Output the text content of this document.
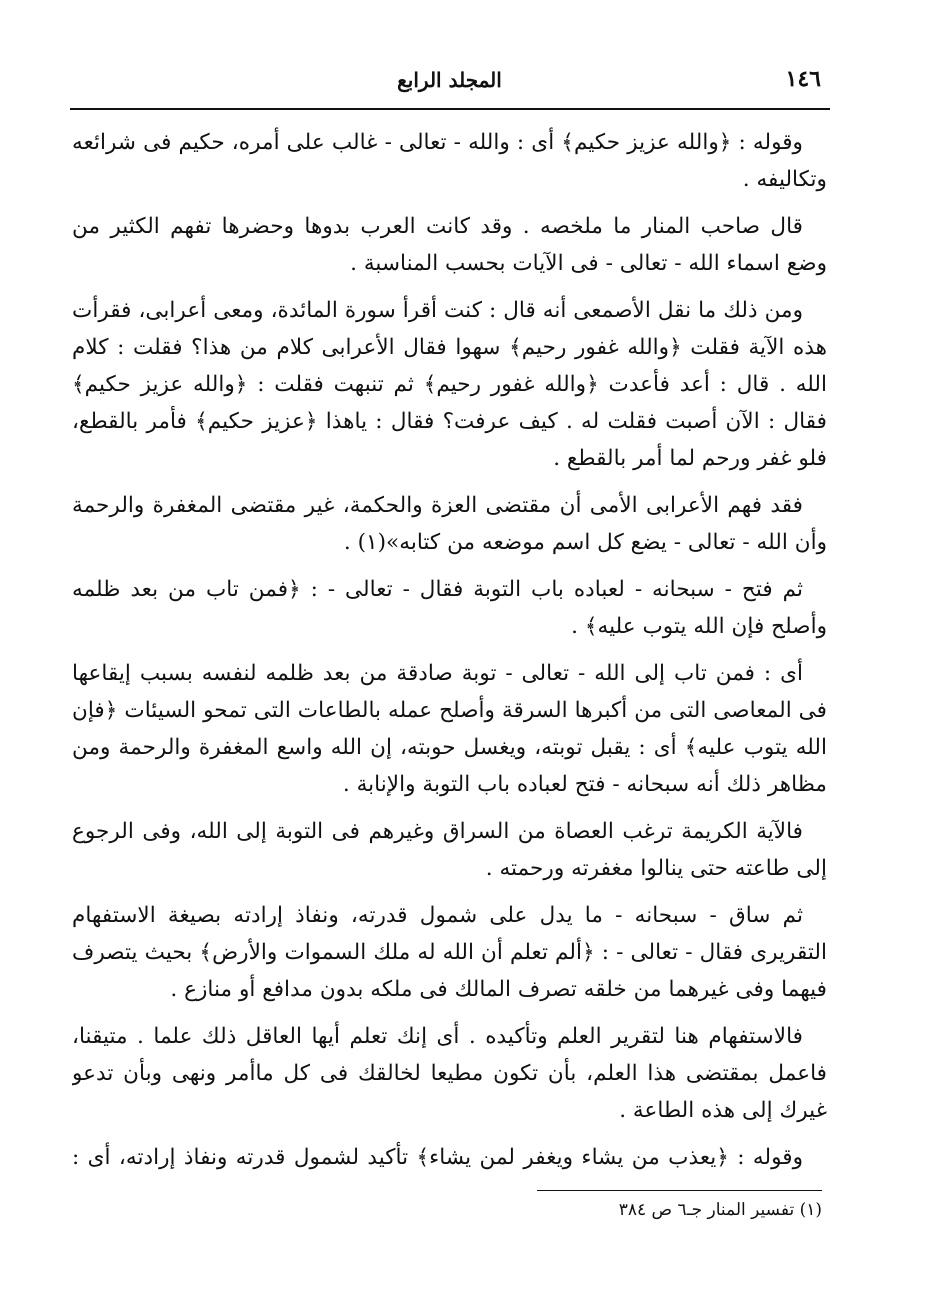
١٤٦
المجلد الرابع

وقوله : ﴿والله عزيز حكيم﴾ أى : والله - تعالى - غالب على أمره، حكيم فى شرائعه وتكاليفه .

قال صاحب المنار ما ملخصه . وقد كانت العرب بدوها وحضرها تفهم الكثير من وضع اسماء الله - تعالى - فى الآيات بحسب المناسبة .

ومن ذلك ما نقل الأصمعى أنه قال : كنت أقرأ سورة المائدة، ومعى أعرابى، فقرأت هذه الآية فقلت ﴿والله غفور رحيم﴾ سهوا فقال الأعرابى كلام من هذا؟ فقلت : كلام الله . قال : أعد فأعدت ﴿والله غفور رحيم﴾ ثم تنبهت فقلت : ﴿والله عزيز حكيم﴾ فقال : الآن أصبت فقلت له . كيف عرفت؟ فقال : ياهذا ﴿عزيز حكيم﴾ فأمر بالقطع، فلو غفر ورحم لما أمر بالقطع .

فقد فهم الأعرابى الأمى أن مقتضى العزة والحكمة، غير مقتضى المغفرة والرحمة وأن الله - تعالى - يضع كل اسم موضعه من كتابه»(١) .

ثم فتح - سبحانه - لعباده باب التوبة فقال - تعالى - : ﴿فمن تاب من بعد ظلمه وأصلح فإن الله يتوب عليه﴾ .

أى : فمن تاب إلى الله - تعالى - توبة صادقة من بعد ظلمه لنفسه بسبب إيقاعها فى المعاصى التى من أكبرها السرقة وأصلح عمله بالطاعات التى تمحو السيئات ﴿فإن الله يتوب عليه﴾ أى : يقبل توبته، ويغسل حوبته، إن الله واسع المغفرة والرحمة ومن مظاهر ذلك أنه سبحانه - فتح لعباده باب التوبة والإنابة .

فالآية الكريمة ترغب العصاة من السراق وغيرهم فى التوبة إلى الله، وفى الرجوع إلى طاعته حتى ينالوا مغفرته ورحمته .

ثم ساق - سبحانه - ما يدل على شمول قدرته، ونفاذ إرادته بصيغة الاستفهام التقريرى فقال - تعالى - : ﴿ألم تعلم أن الله له ملك السموات والأرض﴾ بحيث يتصرف فيهما وفى غيرهما من خلقه تصرف المالك فى ملكه بدون مدافع أو منازع .

فالاستفهام هنا لتقرير العلم وتأكيده . أى إنك تعلم أيها العاقل ذلك علما . متيقنا، فاعمل بمقتضى هذا العلم، بأن تكون مطيعا لخالقك فى كل ماأمر ونهى وبأن تدعو غيرك إلى هذه الطاعة .

وقوله : ﴿يعذب من يشاء ويغفر لمن يشاء﴾ تأكيد لشمول قدرته ونفاذ إرادته، أى :

(١) تفسير المنار جـ٦ ص ٣٨٤
